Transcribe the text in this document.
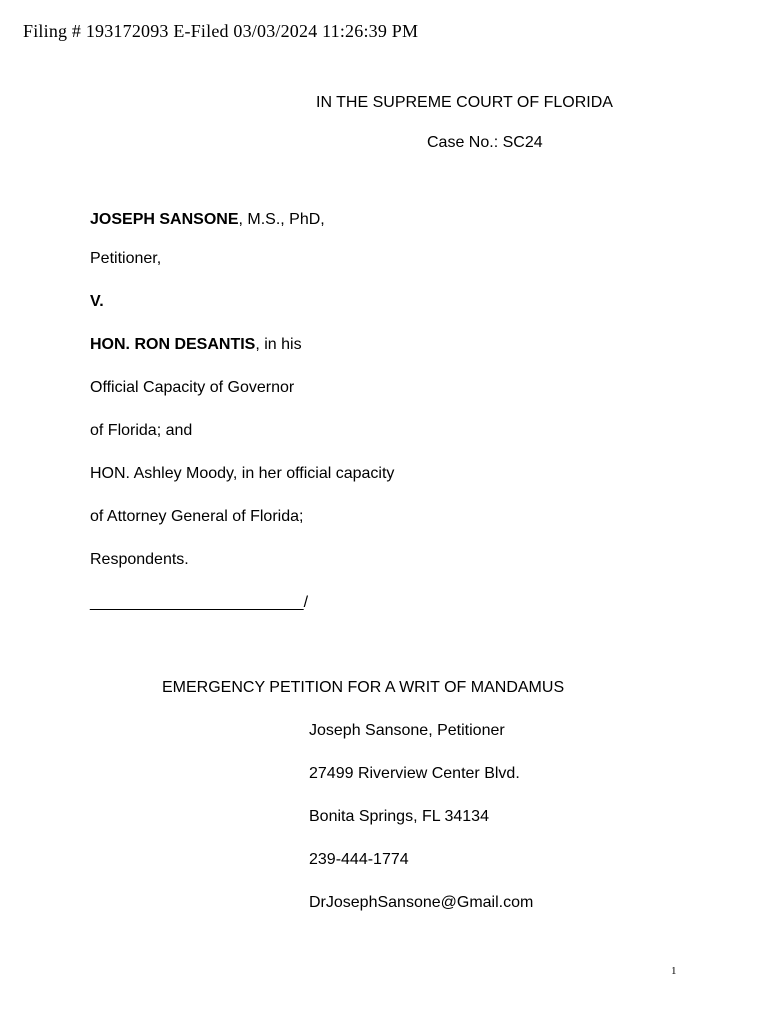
Filing # 193172093 E-Filed 03/03/2024 11:26:39 PM
IN THE SUPREME COURT OF FLORIDA
Case No.: SC24
JOSEPH SANSONE, M.S., PhD,
Petitioner,
V.
HON. RON DESANTIS, in his
Official Capacity of Governor
of Florida; and
HON. Ashley Moody, in her official capacity
of Attorney General of Florida;
Respondents.
________________________/
EMERGENCY PETITION FOR A WRIT OF MANDAMUS
Joseph Sansone, Petitioner
27499 Riverview Center Blvd.
Bonita Springs, FL 34134
239-444-1774
DrJosephSansone@Gmail.com
1
